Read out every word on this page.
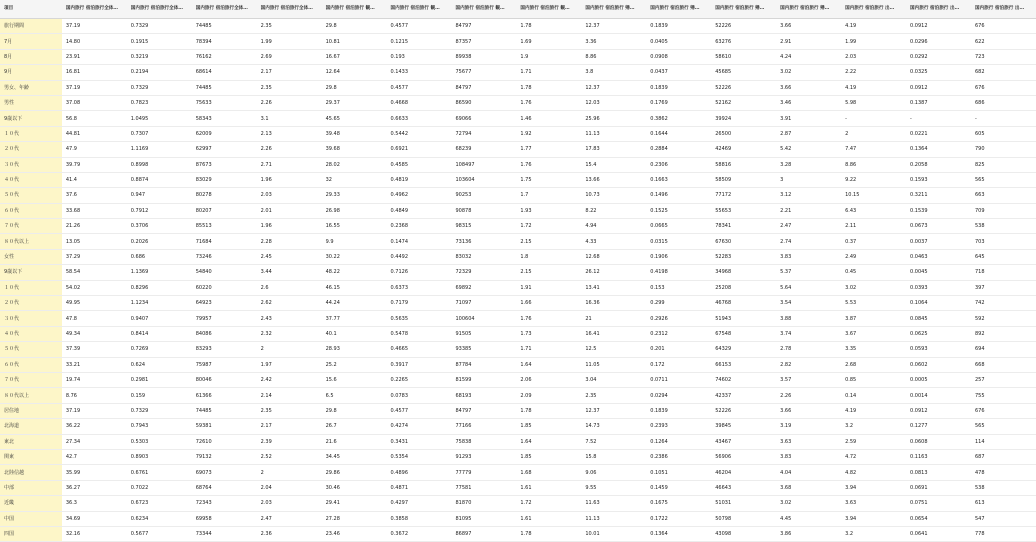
項目	国内旅行 宿泊旅行全体…	国内旅行 宿泊旅行全体…	国内旅行 宿泊旅行全体…	国内旅行 宿泊旅行全体…	国内旅行 宿泊旅行 観…	国内旅行 宿泊旅行 観…	国内旅行 宿泊旅行 観…	国内旅行 宿泊旅行 観…	国内旅行 宿泊旅行 帰…	国内旅行 宿泊旅行 帰…	国内旅行 宿泊旅行 帰…	国内旅行 宿泊旅行 帰…	国内旅行 宿泊旅行 出…	国内旅行 宿泊旅行 出…	国内旅行 宿泊旅行 出…
旅行期間	37.19	0.7329	74485	2.35	29.8	0.4577	84797	1.78	12.37	0.1839	52226	3.66	4.19	0.0912	676
7月	14.80	0.1915	78394	1.99	10.81	0.1215	87357	1.69	3.36	0.0405	63276	2.91	1.99	0.0296	622
8月	23.91	0.3219	76162	2.69	16.67	0.193	89938	1.9	8.86	0.0908	58610	4.24	2.03	0.0292	723
9月	16.81	0.2194	68614	2.17	12.64	0.1433	75677	1.71	3.8	0.0437	45685	3.02	2.22	0.0325	682
男女、年齢	37.19	0.7329	74485	2.35	29.8	0.4577	84797	1.78	12.37	0.1839	52226	3.66	4.19	0.0912	676
男性	37.08	0.7823	75633	2.26	29.37	0.4668	86590	1.76	12.03	0.1769	52162	3.46	5.98	0.1387	686
9歳以下	56.8	1.0495	58343	3.1	45.65	0.6633	69066	1.46	25.96	0.3862	39924	3.91	-	-	-
１０代	44.81	0.7307	62009	2.13	39.48	0.5442	72794	1.92	11.13	0.1644	26500	2.87	2	0.0221	605
２０代	47.9	1.1169	62997	2.26	39.68	0.6921	68239	1.77	17.83	0.2884	42469	5.42	7.47	0.1364	790
３０代	39.79	0.8998	87673	2.71	28.02	0.4585	108497	1.76	15.4	0.2306	58816	3.28	8.86	0.2058	825
４０代	41.4	0.8874	83029	1.96	32	0.4819	103604	1.75	13.66	0.1663	58509	3	9.22	0.1593	565
５０代	37.6	0.947	80278	2.03	29.33	0.4962	90253	1.7	10.73	0.1496	77172	3.12	10.15	0.3211	663
６０代	33.68	0.7912	80207	2.01	26.98	0.4849	90878	1.93	8.22	0.1525	55653	2.21	6.43	0.1539	709
７０代	21.26	0.3706	85513	1.96	16.55	0.2368	98315	1.72	4.94	0.0665	78341	2.47	2.11	0.0673	538
８０代以上	13.05	0.2026	71684	2.28	9.9	0.1474	73136	2.15	4.33	0.0315	67630	2.74	0.37	0.0037	703
女性	37.29	0.686	73246	2.45	30.22	0.4492	83032	1.8	12.68	0.1906	52283	3.83	2.49	0.0463	645
9歳以下	58.54	1.1369	54840	3.44	48.22	0.7126	72329	2.15	26.12	0.4198	34968	5.37	0.45	0.0045	718
１０代	54.02	0.8296	60220	2.6	46.15	0.6373	69892	1.91	13.41	0.153	25208	5.64	3.02	0.0393	397
２０代	49.95	1.1234	64923	2.62	44.24	0.7179	71097	1.66	16.36	0.299	46768	3.54	5.53	0.1064	742
３０代	47.8	0.9407	79957	2.43	37.77	0.5635	100604	1.76	21	0.2926	51943	3.88	3.87	0.0845	592
４０代	49.34	0.8414	84086	2.32	40.1	0.5478	91505	1.73	16.41	0.2312	67548	3.74	3.67	0.0625	892
５０代	37.39	0.7269	83293	2	28.93	0.4665	93385	1.71	12.5	0.201	64329	2.78	3.35	0.0593	694
６０代	33.21	0.624	75987	1.97	25.2	0.3917	87784	1.64	11.05	0.172	66153	2.82	2.68	0.0602	668
７０代	19.74	0.2981	80046	2.42	15.6	0.2265	81599	2.06	3.04	0.0711	74602	3.57	0.85	0.0005	257
８０代以上	8.76	0.159	61366	2.14	6.5	0.0783	68193	2.09	2.35	0.0294	42337	2.26	0.14	0.0014	755
居住地	37.19	0.7329	74485	2.35	29.8	0.4577	84797	1.78	12.37	0.1839	52226	3.66	4.19	0.0912	676
北海道	36.22	0.7943	59381	2.17	26.7	0.4274	77166	1.85	14.73	0.2393	39845	3.19	3.2	0.1277	565
東北	27.34	0.5303	72610	2.39	21.6	0.3431	75838	1.64	7.52	0.1264	43467	3.63	2.59	0.0608	114
関東	42.7	0.8903	79132	2.52	34.45	0.5354	91293	1.85	15.8	0.2386	56906	3.83	4.72	0.1163	687
北陸信越	35.99	0.6761	69073	2	29.86	0.4896	77779	1.68	9.06	0.1051	46204	4.04	4.82	0.0813	478
中部	36.27	0.7022	68764	2.04	30.46	0.4871	77581	1.61	9.55	0.1459	46643	3.68	3.94	0.0691	538
近畿	36.3	0.6723	72343	2.03	29.41	0.4297	81870	1.72	11.63	0.1675	51031	3.02	3.63	0.0751	613
中国	34.69	0.6234	69958	2.47	27.28	0.3858	81095	1.61	11.13	0.1722	50798	4.45	3.94	0.0654	547
四国	32.16	0.5677	73344	2.36	23.46	0.3672	86897	1.78	10.01	0.1364	43098	3.86	3.2	0.0641	778
